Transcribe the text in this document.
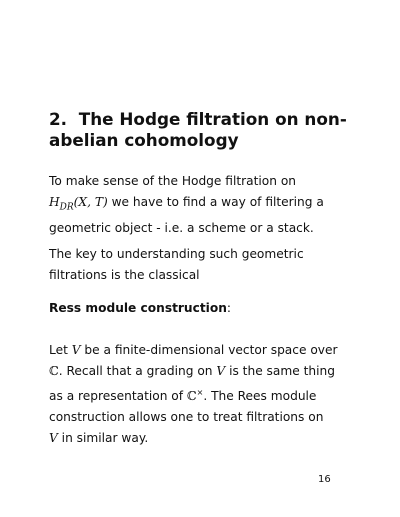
2. The Hodge filtration on non-
abelian cohomology

To make sense of the Hodge filtration on
$H_{DR}(X$, T) we have to find a way of filtering a
geometric object - i.e. a scheme or a stack.

The key to understanding such geometric
filtrations is the classical

Ress module construction:

Let V be a finite-dimensional vector space over
ℂ. Recall that a grading on V is the same thing
as a representation of ℂ×. The Rees module
construction allows one to treat filtrations on
V in similar way.

16
